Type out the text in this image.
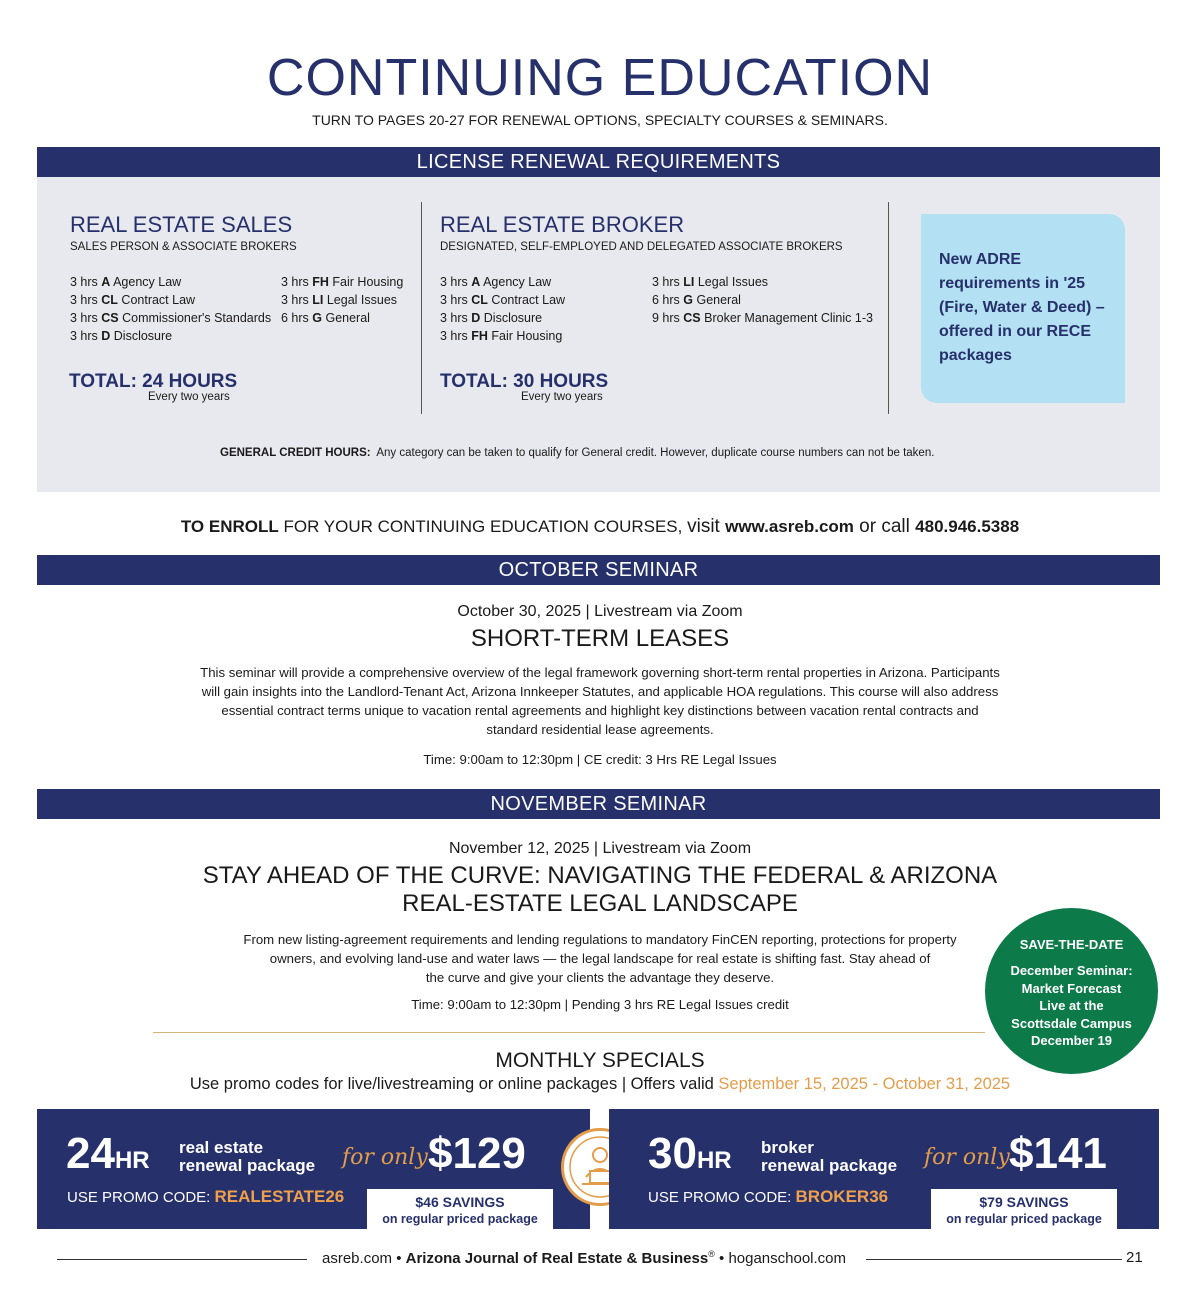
CONTINUING EDUCATION
TURN TO PAGES 20-27 FOR RENEWAL OPTIONS, SPECIALTY COURSES & SEMINARS.
LICENSE RENEWAL REQUIREMENTS
REAL ESTATE SALES
SALES PERSON & ASSOCIATE BROKERS
3 hrs A Agency Law
3 hrs CL Contract Law
3 hrs CS Commissioner's Standards
3 hrs D Disclosure
3 hrs FH Fair Housing
3 hrs LI Legal Issues
6 hrs G General
TOTAL: 24 HOURS
Every two years
REAL ESTATE BROKER
DESIGNATED, SELF-EMPLOYED AND DELEGATED ASSOCIATE BROKERS
3 hrs A Agency Law
3 hrs CL Contract Law
3 hrs D Disclosure
3 hrs FH Fair Housing
3 hrs LI Legal Issues
6 hrs G General
9 hrs CS Broker Management Clinic 1-3
TOTAL: 30 HOURS
Every two years
New ADRE requirements in '25 (Fire, Water & Deed) – offered in our RECE packages
GENERAL CREDIT HOURS: Any category can be taken to qualify for General credit. However, duplicate course numbers can not be taken.
TO ENROLL FOR YOUR CONTINUING EDUCATION COURSES, visit www.asreb.com or call 480.946.5388
OCTOBER SEMINAR
October 30, 2025 | Livestream via Zoom
SHORT-TERM LEASES
This seminar will provide a comprehensive overview of the legal framework governing short-term rental properties in Arizona. Participants
will gain insights into the Landlord-Tenant Act, Arizona Innkeeper Statutes, and applicable HOA regulations. This course will also address
essential contract terms unique to vacation rental agreements and highlight key distinctions between vacation rental contracts and
standard residential lease agreements.
Time: 9:00am to 12:30pm | CE credit: 3 Hrs RE Legal Issues
NOVEMBER SEMINAR
November 12, 2025 | Livestream via Zoom
STAY AHEAD OF THE CURVE: NAVIGATING THE FEDERAL & ARIZONA
REAL-ESTATE LEGAL LANDSCAPE
From new listing-agreement requirements and lending regulations to mandatory FinCEN reporting, protections for property
owners, and evolving land-use and water laws — the legal landscape for real estate is shifting fast. Stay ahead of
the curve and give your clients the advantage they deserve.
Time: 9:00am to 12:30pm | Pending 3 hrs RE Legal Issues credit
SAVE-THE-DATE
December Seminar:
Market Forecast
Live at the
Scottsdale Campus
December 19
MONTHLY SPECIALS
Use promo codes for live/livestreaming or online packages | Offers valid September 15, 2025 - October 31, 2025
24HR real estate
renewal package for only $129
USE PROMO CODE: REALESTATE26	$46 SAVINGS
on regular priced package
30HR broker
renewal package for only $141
USE PROMO CODE: BROKER36	$79 SAVINGS
on regular priced package
asreb.com • Arizona Journal of Real Estate & Business® • hoganschool.com	21
